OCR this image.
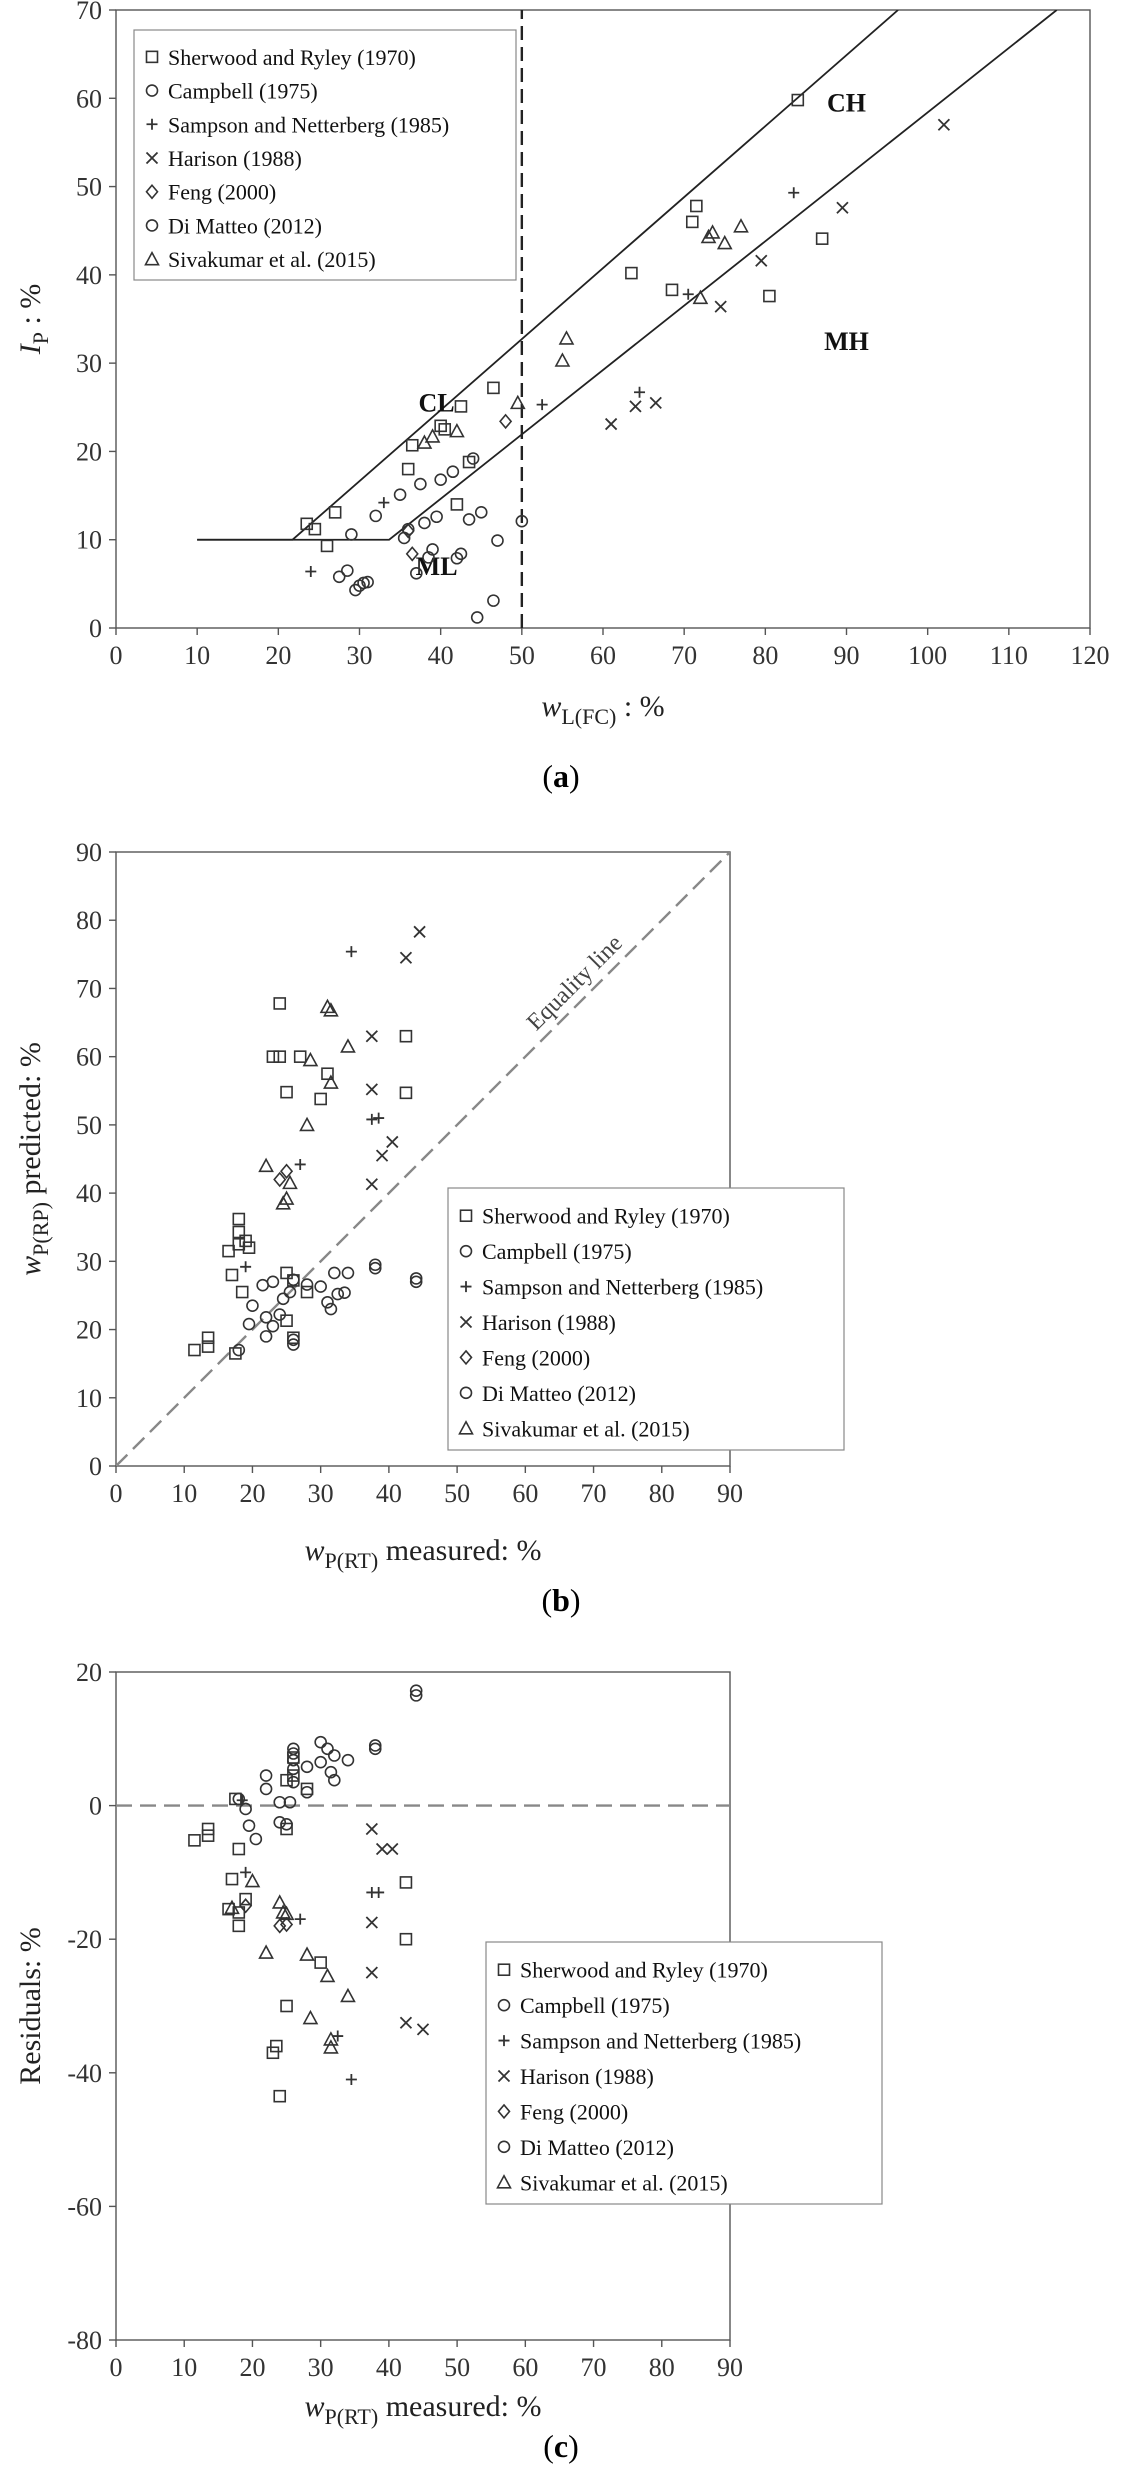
0 10 20 30 40 50 60 70 80 90 100 110 120
0
10
20
30
40
50
60
70
$w_{L(FC)}$ : %
$I_P$ : %
CH
MH
CL
ML
Sherwood and Ryley (1970)
Campbell (1975)
Sampson and Netterberg (1985)
Harison (1988)
Feng (2000)
Di Matteo (2012)
Sivakumar et al. (2015)
(a)
0 10 20 30 40 50 60 70 80 90
0
10
20
30
40
50
60
70
80
90
$w_{P(RT)}$ measured: %
$w_{P(RP)}$ predicted: %
Equality line
Sherwood and Ryley (1970)
Campbell (1975)
Sampson and Netterberg (1985)
Harison (1988)
Feng (2000)
Di Matteo (2012)
Sivakumar et al. (2015)
(b)
0 10 20 30 40 50 60 70 80 90
-80
-60
-40
-20
0
20
$w_{P(RT)}$ measured: %
Residuals: %	Sherwood and Ryley (1970)
Campbell (1975)
Sampson and Netterberg (1985)
Harison (1988)
Feng (2000)
Di Matteo (2012)
Sivakumar et al. (2015)
(c)
